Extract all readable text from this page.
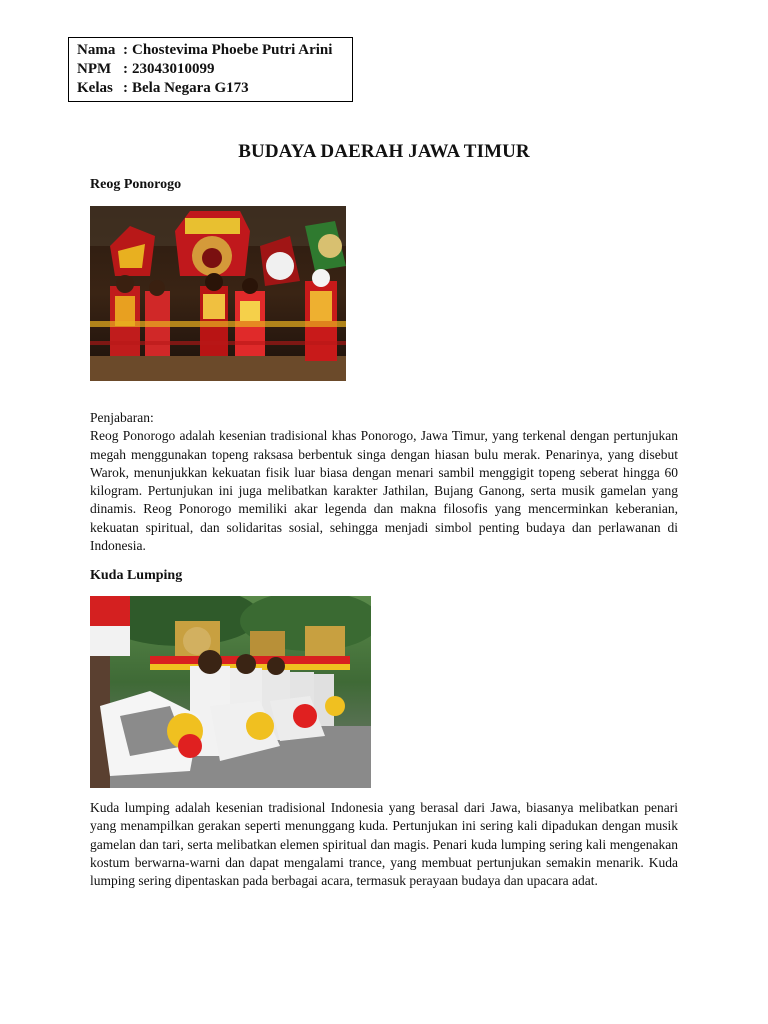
Nama : Chostevima Phoebe Putri Arini
NPM : 23043010099
Kelas : Bela Negara G173
BUDAYA DAERAH JAWA TIMUR
Reog Ponorogo

Penjabaran:
Reog Ponorogo adalah kesenian tradisional khas Ponorogo, Jawa Timur, yang terkenal dengan pertunjukan megah menggunakan topeng raksasa berbentuk singa dengan hiasan bulu merak. Penarinya, yang disebut Warok, menunjukkan kekuatan fisik luar biasa dengan menari sambil menggigit topeng seberat hingga 60 kilogram. Pertunjukan ini juga melibatkan karakter Jathilan, Bujang Ganong, serta musik gamelan yang dinamis. Reog Ponorogo memiliki akar legenda dan makna filosofis yang mencerminkan keberanian, kekuatan spiritual, dan solidaritas sosial, sehingga menjadi simbol penting budaya dan perlawanan di Indonesia.

Kuda Lumping

Kuda lumping adalah kesenian tradisional Indonesia yang berasal dari Jawa, biasanya melibatkan penari yang menampilkan gerakan seperti menunggang kuda. Pertunjukan ini sering kali dipadukan dengan musik gamelan dan tari, serta melibatkan elemen spiritual dan magis. Penari kuda lumping sering kali mengenakan kostum berwarna-warni dan dapat mengalami trance, yang membuat pertunjukan semakin menarik. Kuda lumping sering dipentaskan pada berbagai acara, termasuk perayaan budaya dan upacara adat.
